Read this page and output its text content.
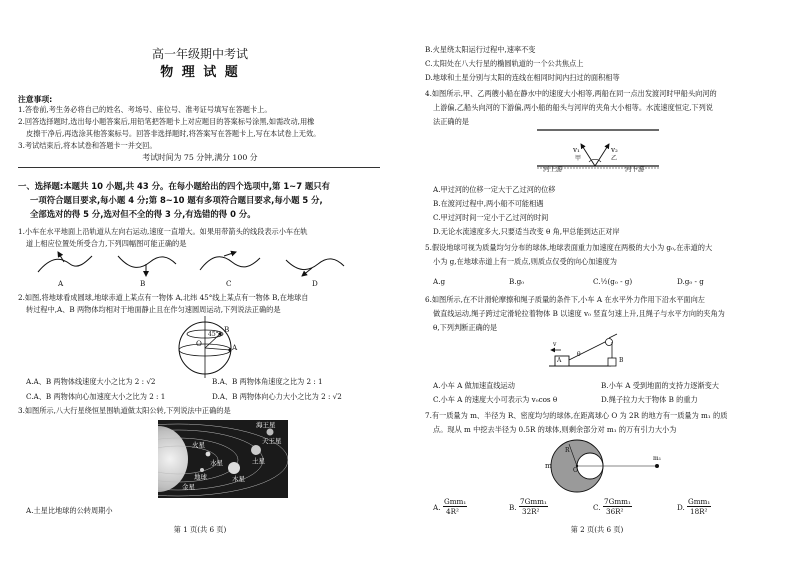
高一年级期中考试
物 理 试 题
注意事项:
1.答卷前,考生务必将自己的姓名、考场号、座位号、准考证号填写在答题卡上。
2.回答选择题时,选出每小题答案后,用铅笔把答题卡上对应题目的答案标号涂黑,如需改动,用橡
皮擦干净后,再选涂其他答案标号。回答非选择题时,将答案写在答题卡上,写在本试卷上无效。
3.考试结束后,将本试卷和答题卡一并交回。
考试时间为 75 分钟,满分 100 分
一、选择题:本题共 10 小题,共 43 分。在每小题给出的四个选项中,第 1~7 题只有
一项符合题目要求,每小题 4 分;第 8~10 题有多项符合题目要求,每小题 5 分,
全部选对的得 5 分,选对但不全的得 3 分,有选错的得 0 分。
1.小车在水平地面上沿轨道从左向右运动,速度一直增大。如果用带箭头的线段表示小车在轨
道上相应位置处所受合力,下列四幅图可能正确的是
A	B	C	D
2.如图,将地球看成圆球,地球赤道上某点有一物体 A,北纬 45°线上某点有一物体 B,在地球自
转过程中,A、B 两物体均相对于地面静止且在作匀速圆周运动,下列说法正确的是
B
A
O
45°
A.A、B 两物体线速度大小之比为 2 : √2	B.A、B 两物体角速度之比为 2 : 1
C.A、B 两物体向心加速度大小之比为 2 : 1	D.A、B 两物体向心力大小之比为 2 : √2
3.如图所示,八大行星绕恒星围轨道做太阳公转,下列说法中正确的是
海王星
天王星
土星
木星
火星
地球
金星
水星
A.土星比地球的公转周期小
第 1 页(共 6 页)
B.火星绕太阳运行过程中,速率不变
C.太阳处在八大行星的椭圆轨道的一个公共焦点上
D.地球和土星分别与太阳的连线在相同时间内扫过的面积相等
4.如图所示,甲、乙两艘小船在静水中的速度大小相等,两船在同一点出发渡河时甲船头向河的
上游偏,乙船头向河的下游偏,两小船的船头与河岸的夹角大小相等。水流速度恒定,下列说
法正确的是
v₁	v₂
河上游	河下游
甲	乙
A.甲过河的位移一定大于乙过河的位移
B.在渡河过程中,两小船不可能相遇
C.甲过河时间一定小于乙过河的时间
D.无论水流速度多大,只要适当改变 θ 角,甲总能到达正对岸
5.假设地球可视为质量均匀分布的球体,地球表面重力加速度在两极的大小为 g₀,在赤道的大
小为 g,在地球赤道上有一质点,则质点仅受的向心加速度为
A.g	B.g₀	C.½(g₀ - g)	D.g₀ - g
6.如图所示,在不计滑轮摩擦和绳子质量的条件下,小车 A 在水平外力作用下沿水平面向左
做直线运动,绳子跨过定滑轮拉着物体 B 以速度 v₀ 竖直匀速上升,且绳子与水平方向的夹角为
θ,下列判断正确的是
v
A
θ
B
A.小车 A 做加速直线运动	B.小车 A 受到地面的支持力逐渐变大
C.小车 A 的速度大小可表示为 v₀cos θ	D.绳子拉力大于物体 B 的重力
7.有一质量为 m、半径为 R、密度均匀的球体,在距离球心 O 为 2R 的地方有一质量为 m₁ 的质
点。现从 m 中挖去半径为 0.5R 的球体,则剩余部分对 m₁ 的万有引力大小为
m
O
R
m₁
A.
Gmm₁
4R²	B.
7Gmm₁
32R²	C.
7Gmm₁
36R²	D.
Gmm₁
18R²
第 2 页(共 6 页)
